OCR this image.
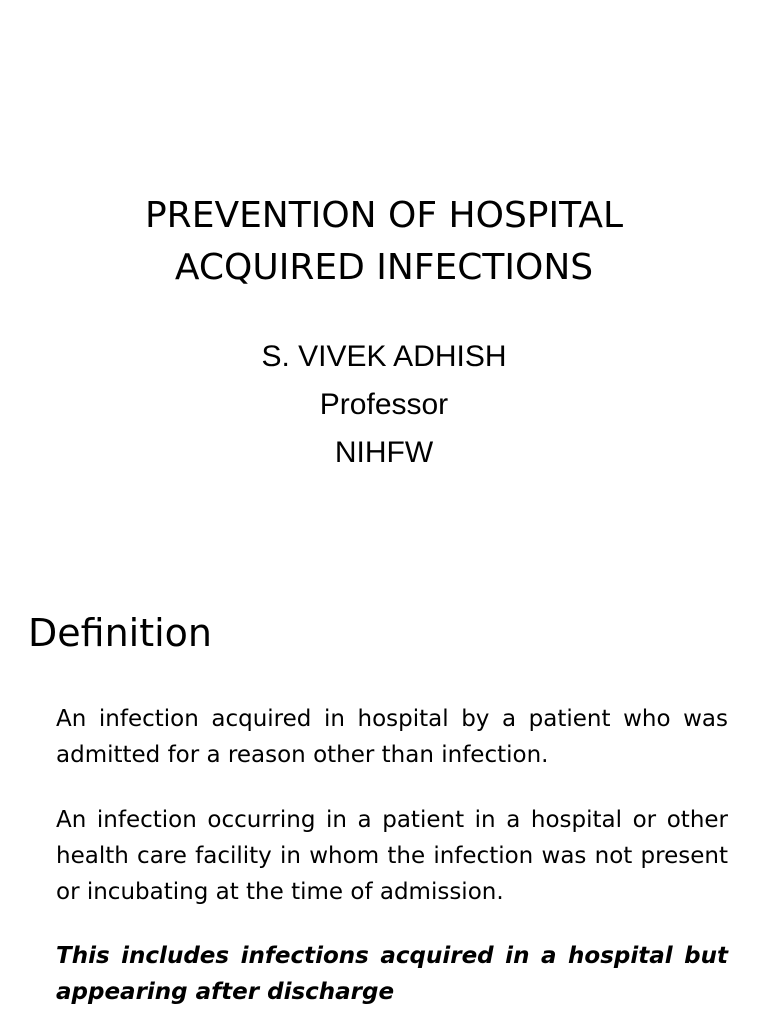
PREVENTION OF HOSPITAL
ACQUIRED INFECTIONS
S. VIVEK ADHISH
Professor
NIHFW
Definition

An infection acquired in hospital by a patient who was admitted for a reason other than infection.

An infection occurring in a patient in a hospital or other health care facility in whom the infection was not present or incubating at the time of admission.

This includes infections acquired in a hospital but appearing after discharge
